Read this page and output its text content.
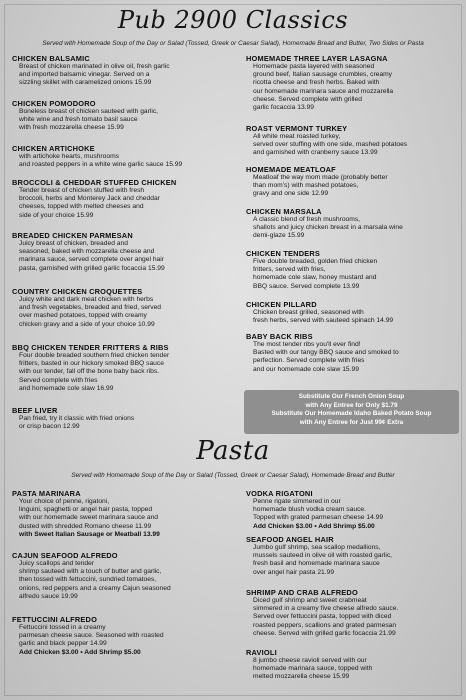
Pub 2900 Classics
Served with Homemade Soup of the Day or Salad (Tossed, Greek or Caesar Salad), Homemade Bread and Butter, Two Sides or Pasta
CHICKEN BALSAMIC
Breast of chicken marinated in olive oil, fresh garlic
and imported balsamic vinegar. Served on a
sizzling skillet with caramelized onions 15.99
CHICKEN POMODORO
Boneless breast of chicken sauteed with garlic,
white wine and fresh tomato basil sauce
with fresh mozzarella cheese 15.99
CHICKEN ARTICHOKE
with artichoke hearts, mushrooms
and roasted peppers in a white wine garlic sauce 15.99
BROCCOLI & CHEDDAR STUFFED CHICKEN
Tender breast of chicken stuffed with fresh
broccoli, herbs and Monterey Jack and cheddar
cheeses, topped with melted cheeses and
side of your choice 15.99
BREADED CHICKEN PARMESAN
Juicy breast of chicken, breaded and
seasoned, baked with mozzarella cheese and
marinara sauce, served complete over angel hair
pasta, garnished with grilled garlic focaccia 15.99
COUNTRY CHICKEN CROQUETTES
Juicy white and dark meat chicken with herbs
and fresh vegetables, breaded and fried, served
over mashed potatoes, topped with creamy
chicken gravy and a side of your choice 10.99
BBQ CHICKEN TENDER FRITTERS & RIBS
Four double breaded southern fried chicken tender
fritters, basted in our hickory smoked BBQ sauce
with our tender, fall off the bone baby back ribs.
Served complete with fries
and homemade cole slaw 16.99
BEEF LIVER
Pan fried, try it classic with fried onions
or crisp bacon 12.99
HOMEMADE THREE LAYER LASAGNA
Homemade pasta layered with seasoned
ground beef, Italian sausage crumbles, creamy
ricotta cheese and fresh herbs. Baked with
our homemade marinara sauce and mozzarella
cheese. Served complete with grilled
garlic focaccia 13.99
ROAST VERMONT TURKEY
All white meat roasted turkey,
served over stuffing with one side, mashed potatoes
and garnished with cranberry sauce 13.99
HOMEMADE MEATLOAF
Meatloaf the way mom made (probably better
than mom's) with mashed potatoes,
gravy and one side 12.99
CHICKEN MARSALA
A classic blend of fresh mushrooms,
shallots and juicy chicken breast in a marsala wine
demi-glaze 15.99
CHICKEN TENDERS
Five double breaded, golden fried chicken
fritters, served with fries,
homemade cole slaw, honey mustard and
BBQ sauce. Served complete 13.99
CHICKEN PILLARD
Chicken breast grilled, seasoned with
fresh herbs, served with sauteed spinach 14.99
BABY BACK RIBS
The most tender ribs you'll ever find!
Basted with our tangy BBQ sauce and smoked to
perfection. Served complete with fries
and our homemade cole slaw 15.99
Substitute Our French Onion Soup
with Any Entree for Only $1.79
Substitute Our Homemade Idaho Baked Potato Soup
with Any Entree for Just 99¢ Extra
Pasta
Served with Homemade Soup of the Day or Salad (Tossed, Greek or Caesar Salad), Homemade Bread and Butter
PASTA MARINARA
Your choice of penne, rigatoni,
linguini, spaghetti or angel hair pasta, topped
with our homemade sweet marinara sauce and
dusted with shredded Romano cheese 11.99
with Sweet Italian Sausage or Meatball 13.99
CAJUN SEAFOOD ALFREDO
Juicy scallops and tender
shrimp sauteed with a touch of butter and garlic,
then tossed with fettuccini, sundried tomatoes,
onions, red peppers and a creamy Cajun seasoned
alfredo sauce 19.99
FETTUCCINI ALFREDO
Fettuccini tossed in a creamy
parmesan cheese sauce. Seasoned with roasted
garlic and black pepper 14.99
Add Chicken $3.00 • Add Shrimp $5.00
VODKA RIGATONI
Penne rigate simmered in our
homemade blush vodka cream sauce.
Topped with grated parmesan cheese 14.99
Add Chicken $3.00 • Add Shrimp $5.00
SEAFOOD ANGEL HAIR
Jumbo gulf shrimp, sea scallop medallions,
mussels sauteed in olive oil with roasted garlic,
fresh basil and homemade marinara sauce
over angel hair pasta 21.99
SHRIMP AND CRAB ALFREDO
Diced gulf shrimp and sweet crabmeat
simmered in a creamy five cheese alfredo sauce.
Served over fettuccini pasta, topped with diced
roasted peppers, scallions and grated parmesan
cheese. Served with grilled garlic focaccia 21.99
RAVIOLI
8 jumbo cheese ravioli served with our
homemade marinara sauce, topped with
melted mozzarella cheese 15.99
